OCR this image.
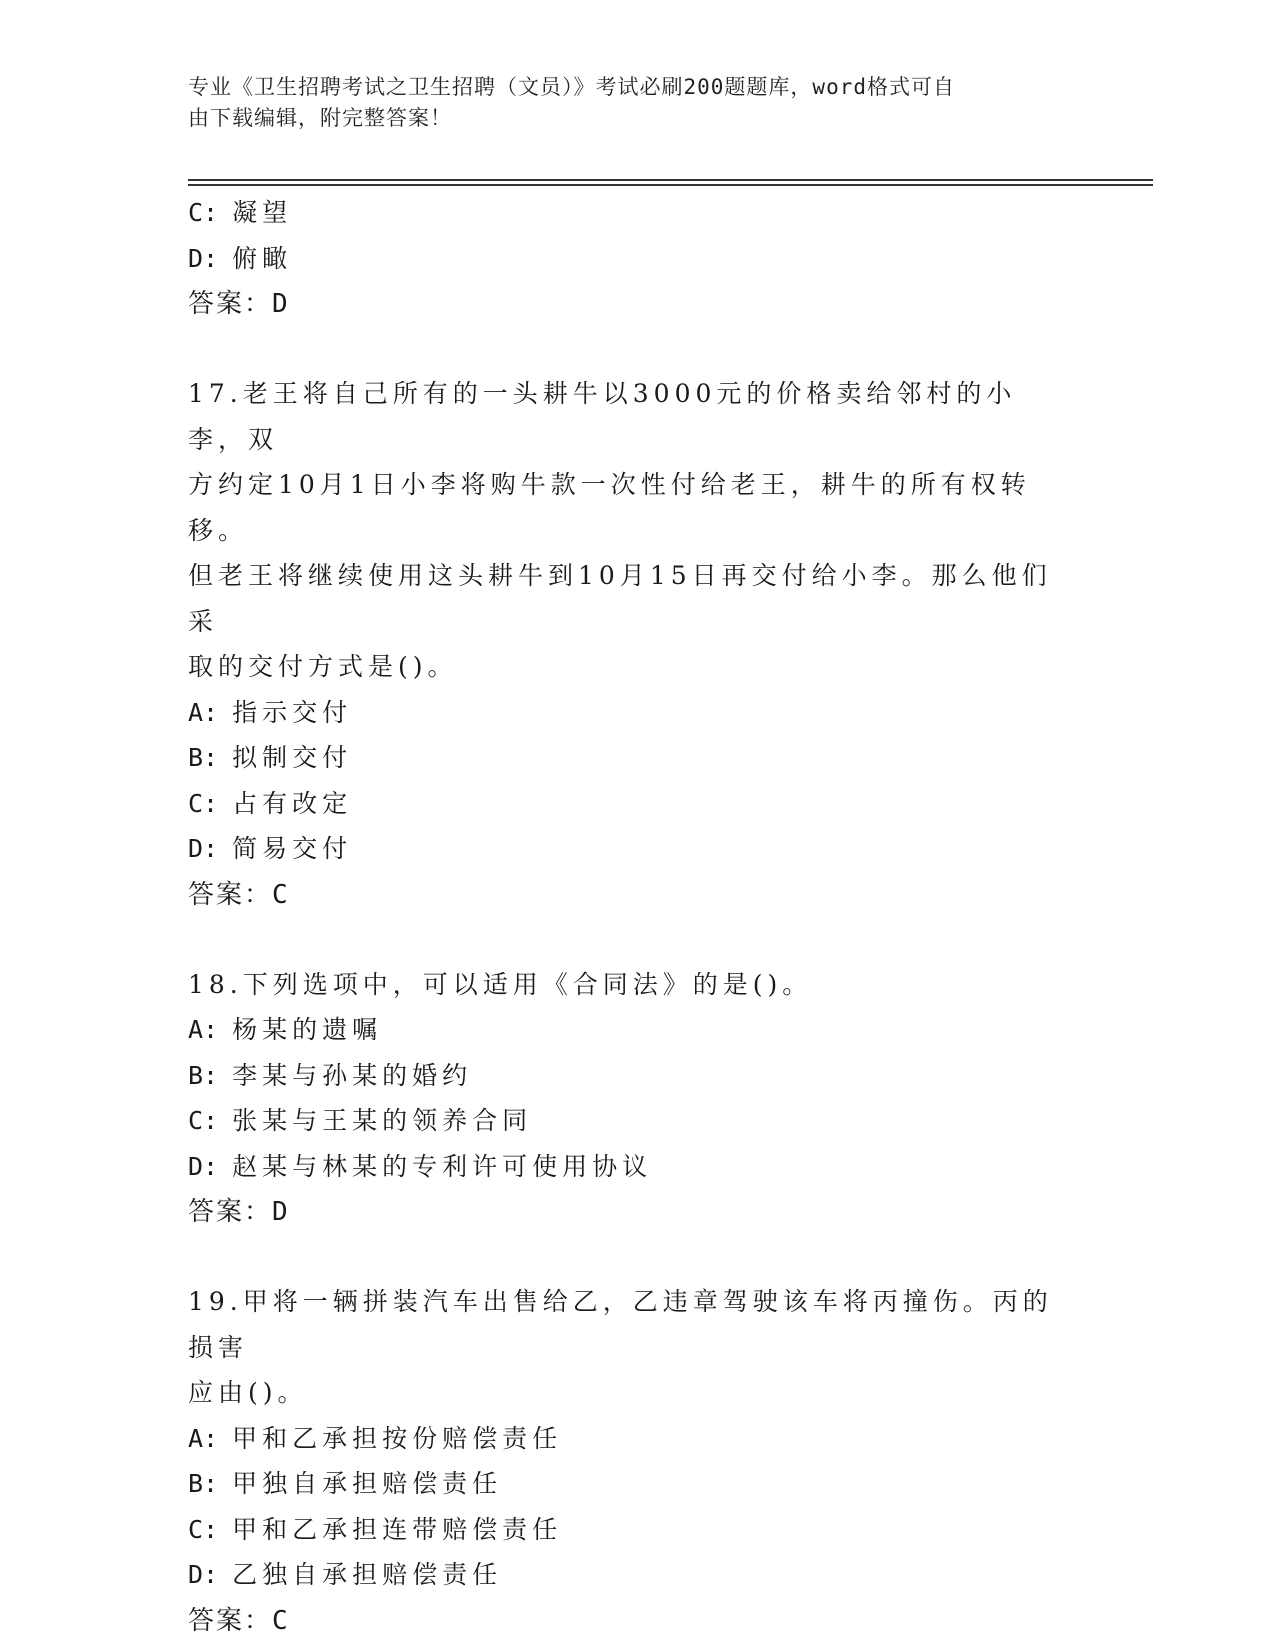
专业《卫生招聘考试之卫生招聘（文员）》考试必刷200题题库，word格式可自
由下载编辑，附完整答案！
C: 凝望
D: 俯瞰
答案：D
17.老王将自己所有的一头耕牛以3000元的价格卖给邻村的小李，双
方约定10月1日小李将购牛款一次性付给老王，耕牛的所有权转移。
但老王将继续使用这头耕牛到10月15日再交付给小李。那么他们采
取的交付方式是()。
A: 指示交付
B: 拟制交付
C: 占有改定
D: 简易交付
答案：C
18.下列选项中，可以适用《合同法》的是()。
A: 杨某的遗嘱
B: 李某与孙某的婚约
C: 张某与王某的领养合同
D: 赵某与林某的专利许可使用协议
答案：D
19.甲将一辆拼装汽车出售给乙，乙违章驾驶该车将丙撞伤。丙的损害
应由()。
A: 甲和乙承担按份赔偿责任
B: 甲独自承担赔偿责任
C: 甲和乙承担连带赔偿责任
D: 乙独自承担赔偿责任
答案：C
